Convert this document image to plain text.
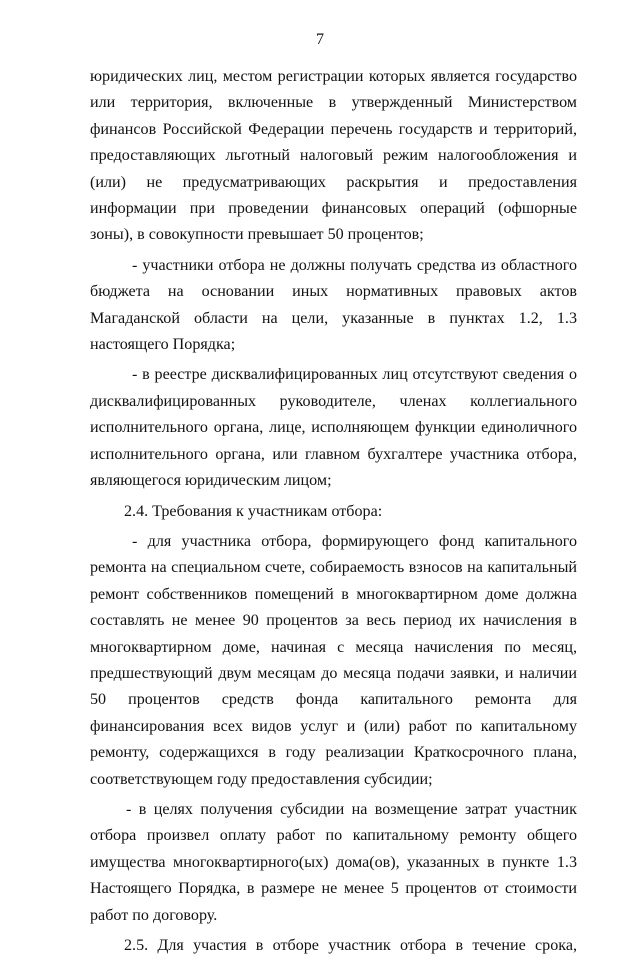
7

юридических лиц, местом регистрации которых является государство или территория, включенные в утвержденный Министерством финансов Российской Федерации перечень государств и территорий, предоставляющих льготный налоговый режим налогообложения и (или) не предусматривающих раскрытия и предоставления информации при проведении финансовых операций (офшорные зоны), в совокупности превышает 50 процентов;

- участники отбора не должны получать средства из областного бюджета на основании иных нормативных правовых актов Магаданской области на цели, указанные в пунктах 1.2, 1.3 настоящего Порядка;

- в реестре дисквалифицированных лиц отсутствуют сведения о дисквалифицированных руководителе, членах коллегиального исполнительного органа, лице, исполняющем функции единоличного исполнительного органа, или главном бухгалтере участника отбора, являющегося юридическим лицом;

2.4. Требования к участникам отбора:

- для участника отбора, формирующего фонд капитального ремонта на специальном счете, собираемость взносов на капитальный ремонт собственников помещений в многоквартирном доме должна составлять не менее 90 процентов за весь период их начисления в многоквартирном доме, начиная с месяца начисления по месяц, предшествующий двум месяцам до месяца подачи заявки, и наличии 50 процентов средств фонда капитального ремонта для финансирования всех видов услуг и (или) работ по капитальному ремонту, содержащихся в году реализации Краткосрочного плана, соответствующем году предоставления субсидии;

- в целях получения субсидии на возмещение затрат участник отбора произвел оплату работ по капитальному ремонту общего имущества многоквартирного(ых) дома(ов), указанных в пункте 1.3 Настоящего Порядка, в размере не менее 5 процентов от стоимости работ по договору.

2.5. Для участия в отборе участник отбора в течение срока,
